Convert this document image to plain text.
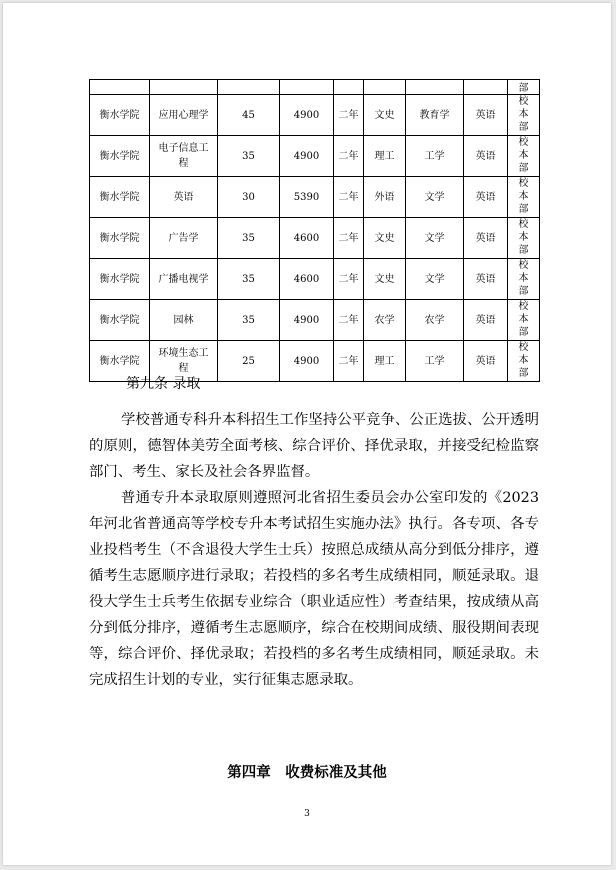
								部
衡水学院	应用心理学	45	4900	二年	文史	教育学	英语	校本部
衡水学院	电子信息工程	35	4900	二年	理工	工学	英语	校本部
衡水学院	英语	30	5390	二年	外语	文学	英语	校本部
衡水学院	广告学	35	4600	二年	文史	文学	英语	校本部
衡水学院	广播电视学	35	4600	二年	文史	文学	英语	校本部
衡水学院	园林	35	4900	二年	农学	农学	英语	校本部
衡水学院	环境生态工程	25	4900	二年	理工	工学	英语	校本部
第九条 录取

学校普通专科升本科招生工作坚持公平竞争、公正选拔、公开透明的原则，德智体美劳全面考核、综合评价、择优录取，并接受纪检监察部门、考生、家长及社会各界监督。

普通专升本录取原则遵照河北省招生委员会办公室印发的《2023年河北省普通高等学校专升本考试招生实施办法》执行。各专项、各专业投档考生（不含退役大学生士兵）按照总成绩从高分到低分排序，遵循考生志愿顺序进行录取；若投档的多名考生成绩相同，顺延录取。退役大学生士兵考生依据专业综合（职业适应性）考查结果，按成绩从高分到低分排序，遵循考生志愿顺序，综合在校期间成绩、服役期间表现等，综合评价、择优录取；若投档的多名考生成绩相同，顺延录取。未完成招生计划的专业，实行征集志愿录取。

第四章　收费标准及其他
3
